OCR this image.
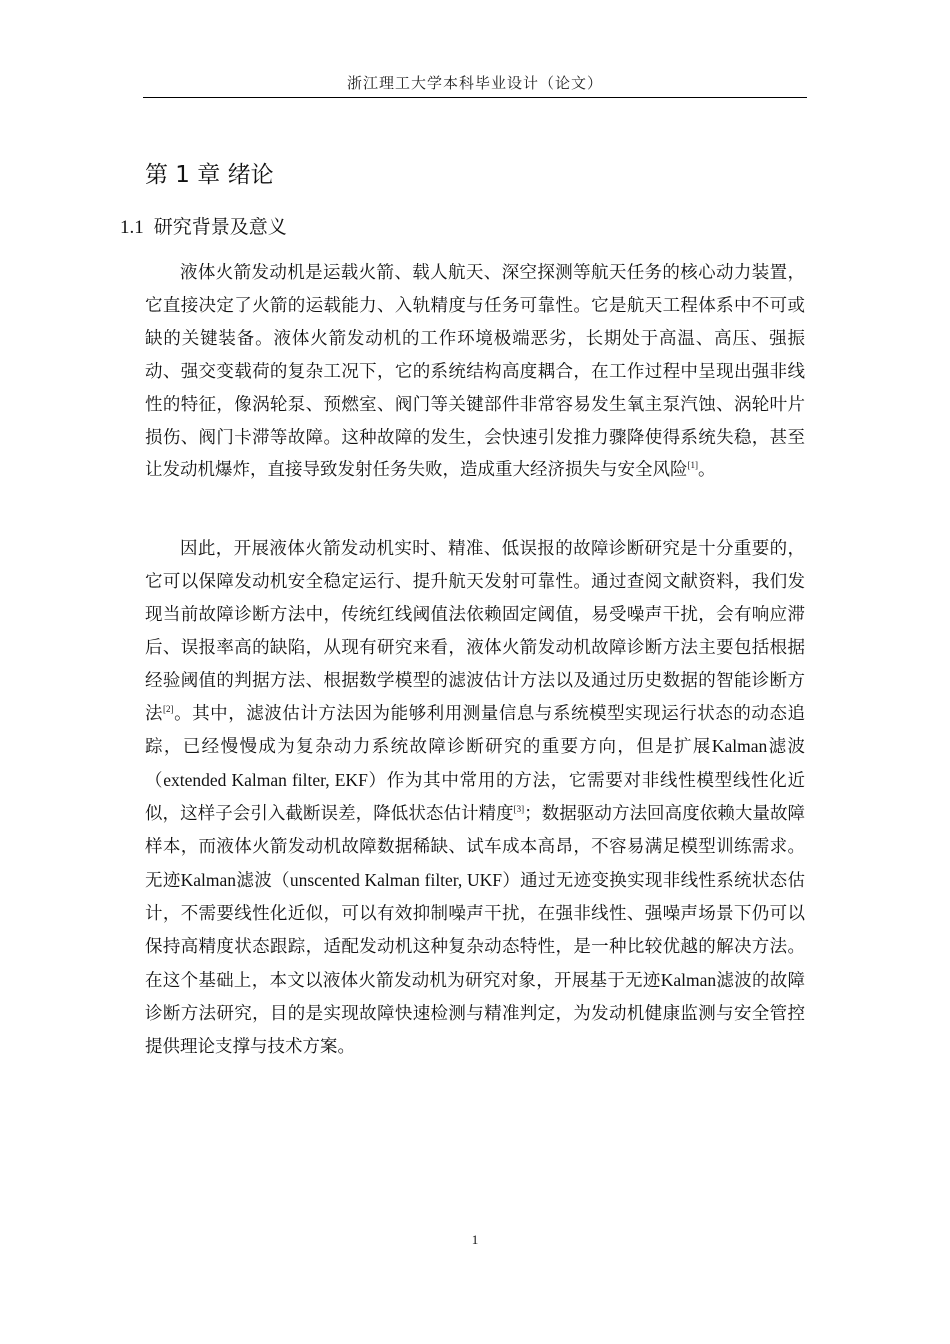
浙江理工大学本科毕业设计（论文）
第 1 章 绪论
1.1 研究背景及意义

液体火箭发动机是运载火箭、载人航天、深空探测等航天任务的核心动力装置，它直接决定了火箭的运载能力、入轨精度与任务可靠性。它是航天工程体系中不可或缺的关键装备。液体火箭发动机的工作环境极端恶劣，长期处于高温、高压、强振动、强交变载荷的复杂工况下，它的系统结构高度耦合，在工作过程中呈现出强非线性的特征，像涡轮泵、预燃室、阀门等关键部件非常容易发生氧主泵汽蚀、涡轮叶片损伤、阀门卡滞等故障。这种故障的发生，会快速引发推力骤降使得系统失稳，甚至让发动机爆炸，直接导致发射任务失败，造成重大经济损失与安全风险[1]。

因此，开展液体火箭发动机实时、精准、低误报的故障诊断研究是十分重要的，它可以保障发动机安全稳定运行、提升航天发射可靠性。通过查阅文献资料，我们发现当前故障诊断方法中，传统红线阈值法依赖固定阈值，易受噪声干扰，会有响应滞后、误报率高的缺陷，从现有研究来看，液体火箭发动机故障诊断方法主要包括根据经验阈值的判据方法、根据数学模型的滤波估计方法以及通过历史数据的智能诊断方法[2]。其中，滤波估计方法因为能够利用测量信息与系统模型实现运行状态的动态追踪，已经慢慢成为复杂动力系统故障诊断研究的重要方向，但是扩展Kalman滤波（extended Kalman filter, EKF）作为其中常用的方法，它需要对非线性模型线性化近似，这样子会引入截断误差，降低状态估计精度[3]；数据驱动方法回高度依赖大量故障样本，而液体火箭发动机故障数据稀缺、试车成本高昂，不容易满足模型训练需求。无迹Kalman滤波（unscented Kalman filter, UKF）通过无迹变换实现非线性系统状态估计，不需要线性化近似，可以有效抑制噪声干扰，在强非线性、强噪声场景下仍可以保持高精度状态跟踪，适配发动机这种复杂动态特性，是一种比较优越的解决方法。在这个基础上，本文以液体火箭发动机为研究对象，开展基于无迹Kalman滤波的故障诊断方法研究，目的是实现故障快速检测与精准判定，为发动机健康监测与安全管控提供理论支撑与技术方案。

1
